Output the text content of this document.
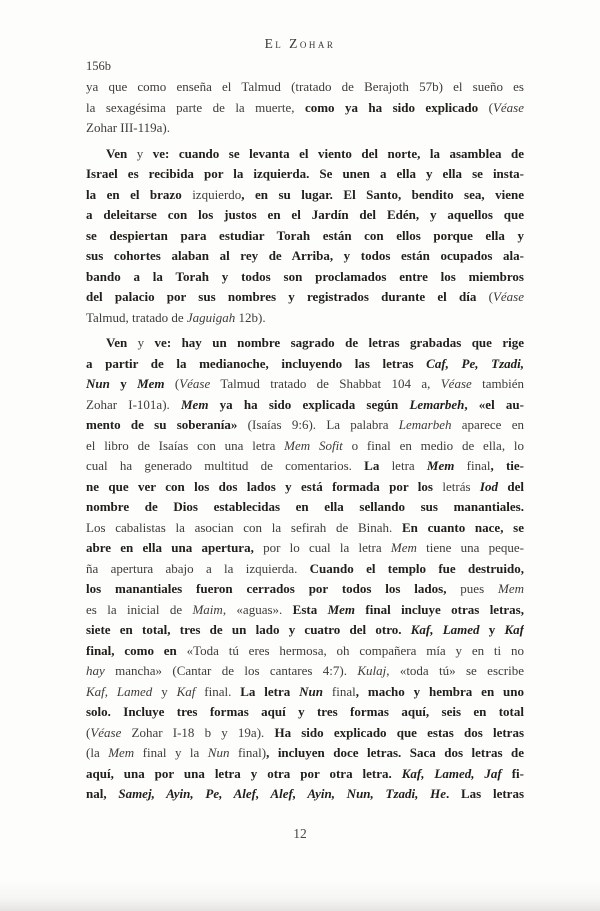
El Zohar
156b
ya que como enseña el Talmud (tratado de Berajoth 57b) el sueño es
la sexagésima parte de la muerte, como ya ha sido explicado (Véase
Zohar III-119a).
Ven y ve: cuando se levanta el viento del norte, la asamblea de
Israel es recibida por la izquierda. Se unen a ella y ella se insta-
la en el brazo izquierdo, en su lugar. El Santo, bendito sea, viene
a deleitarse con los justos en el Jardín del Edén, y aquellos que
se despiertan para estudiar Torah están con ellos porque ella y
sus cohortes alaban al rey de Arriba, y todos están ocupados ala-
bando a la Torah y todos son proclamados entre los miembros
del palacio por sus nombres y registrados durante el día (Véase
Talmud, tratado de Jaguigah 12b).
Ven y ve: hay un nombre sagrado de letras grabadas que rige
a partir de la medianoche, incluyendo las letras Caf, Pe, Tzadi,
Nun y Mem (Véase Talmud tratado de Shabbat 104 a, Véase también
Zohar I-101a). Mem ya ha sido explicada según Lemarbeh, «el au-
mento de su soberanía» (Isaías 9:6). La palabra Lemarbeh aparece en
el libro de Isaías con una letra Mem Sofit o final en medio de ella, lo
cual ha generado multitud de comentarios. La letra Mem final, tie-
ne que ver con los dos lados y está formada por los letrás Iod del
nombre de Dios establecidas en ella sellando sus manantiales.
Los cabalistas la asocian con la sefirah de Binah. En cuanto nace, se
abre en ella una apertura, por lo cual la letra Mem tiene una peque-
ña apertura abajo a la izquierda. Cuando el templo fue destruido,
los manantiales fueron cerrados por todos los lados, pues Mem
es la inicial de Maim, «aguas». Esta Mem final incluye otras letras,
siete en total, tres de un lado y cuatro del otro. Kaf, Lamed y Kaf
final, como en «Toda tú eres hermosa, oh compañera mía y en ti no
hay mancha» (Cantar de los cantares 4:7). Kulaj, «toda tú» se escribe
Kaf, Lamed y Kaf final. La letra Nun final, macho y hembra en uno
solo. Incluye tres formas aquí y tres formas aquí, seis en total
(Véase Zohar I-18 b y 19a). Ha sido explicado que estas dos letras
(la Mem final y la Nun final), incluyen doce letras. Saca dos letras de
aquí, una por una letra y otra por otra letra. Kaf, Lamed, Jaf fi-
nal, Samej, Ayin, Pe, Alef, Alef, Ayin, Nun, Tzadi, He. Las letras
12
